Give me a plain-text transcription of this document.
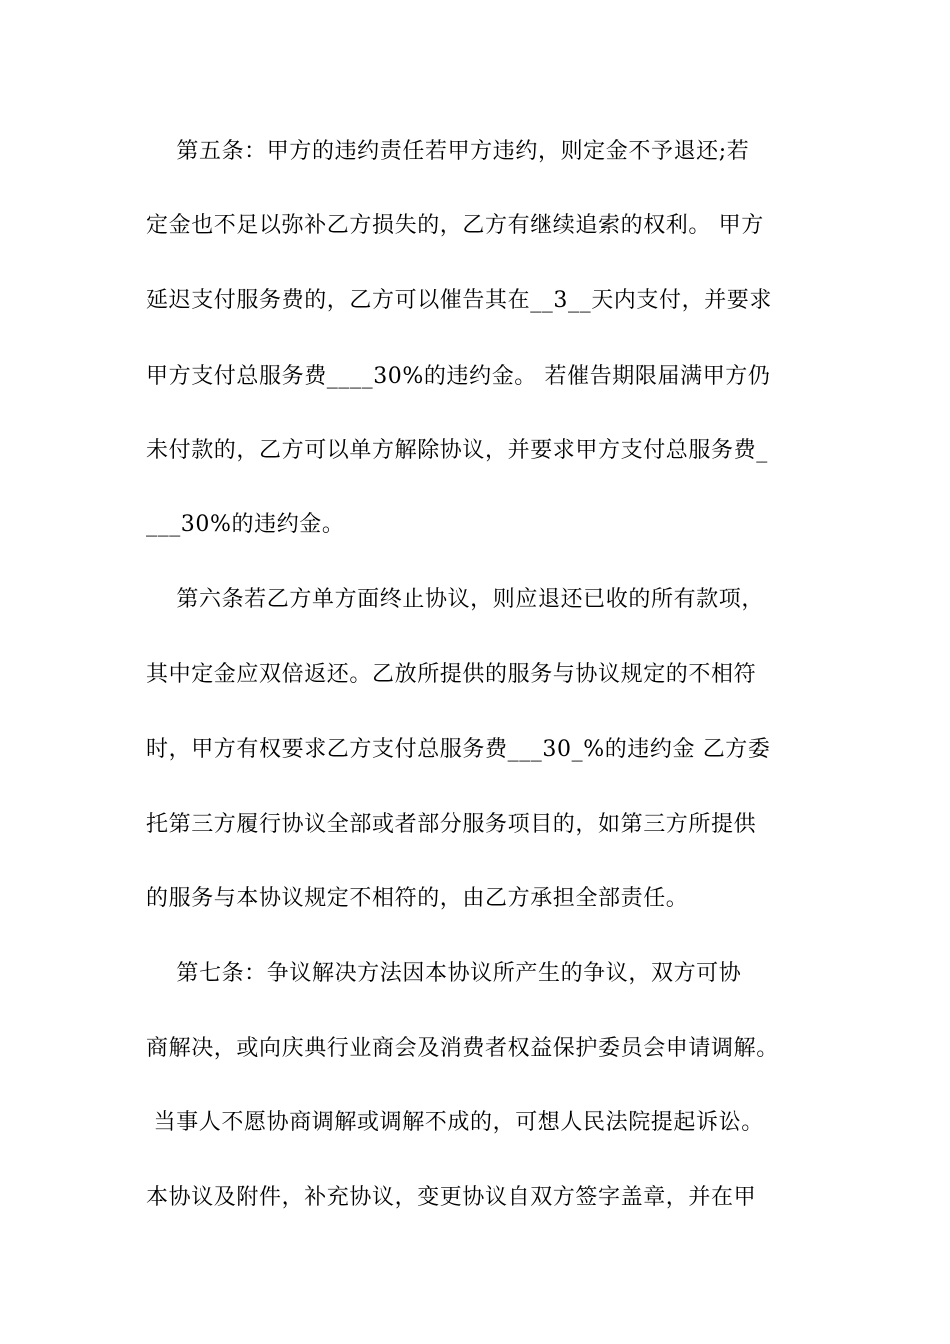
第五条：甲方的违约责任若甲方违约，则定金不予退还;若
定金也不足以弥补乙方损失的，乙方有继续追索的权利。 甲方
延迟支付服务费的，乙方可以催告其在__3__天内支付，并要求
甲方支付总服务费____30%的违约金。 若催告期限届满甲方仍
未付款的，乙方可以单方解除协议，并要求甲方支付总服务费_
___30%的违约金。
第六条若乙方单方面终止协议，则应退还已收的所有款项，
其中定金应双倍返还。乙放所提供的服务与协议规定的不相符
时，甲方有权要求乙方支付总服务费___30_%的违约金 乙方委
托第三方履行协议全部或者部分服务项目的，如第三方所提供
的服务与本协议规定不相符的，由乙方承担全部责任。
第七条：争议解决方法因本协议所产生的争议，双方可协
商解决，或向庆典行业商会及消费者权益保护委员会申请调解。
当事人不愿协商调解或调解不成的，可想人民法院提起诉讼。
本协议及附件，补充协议，变更协议自双方签字盖章，并在甲
